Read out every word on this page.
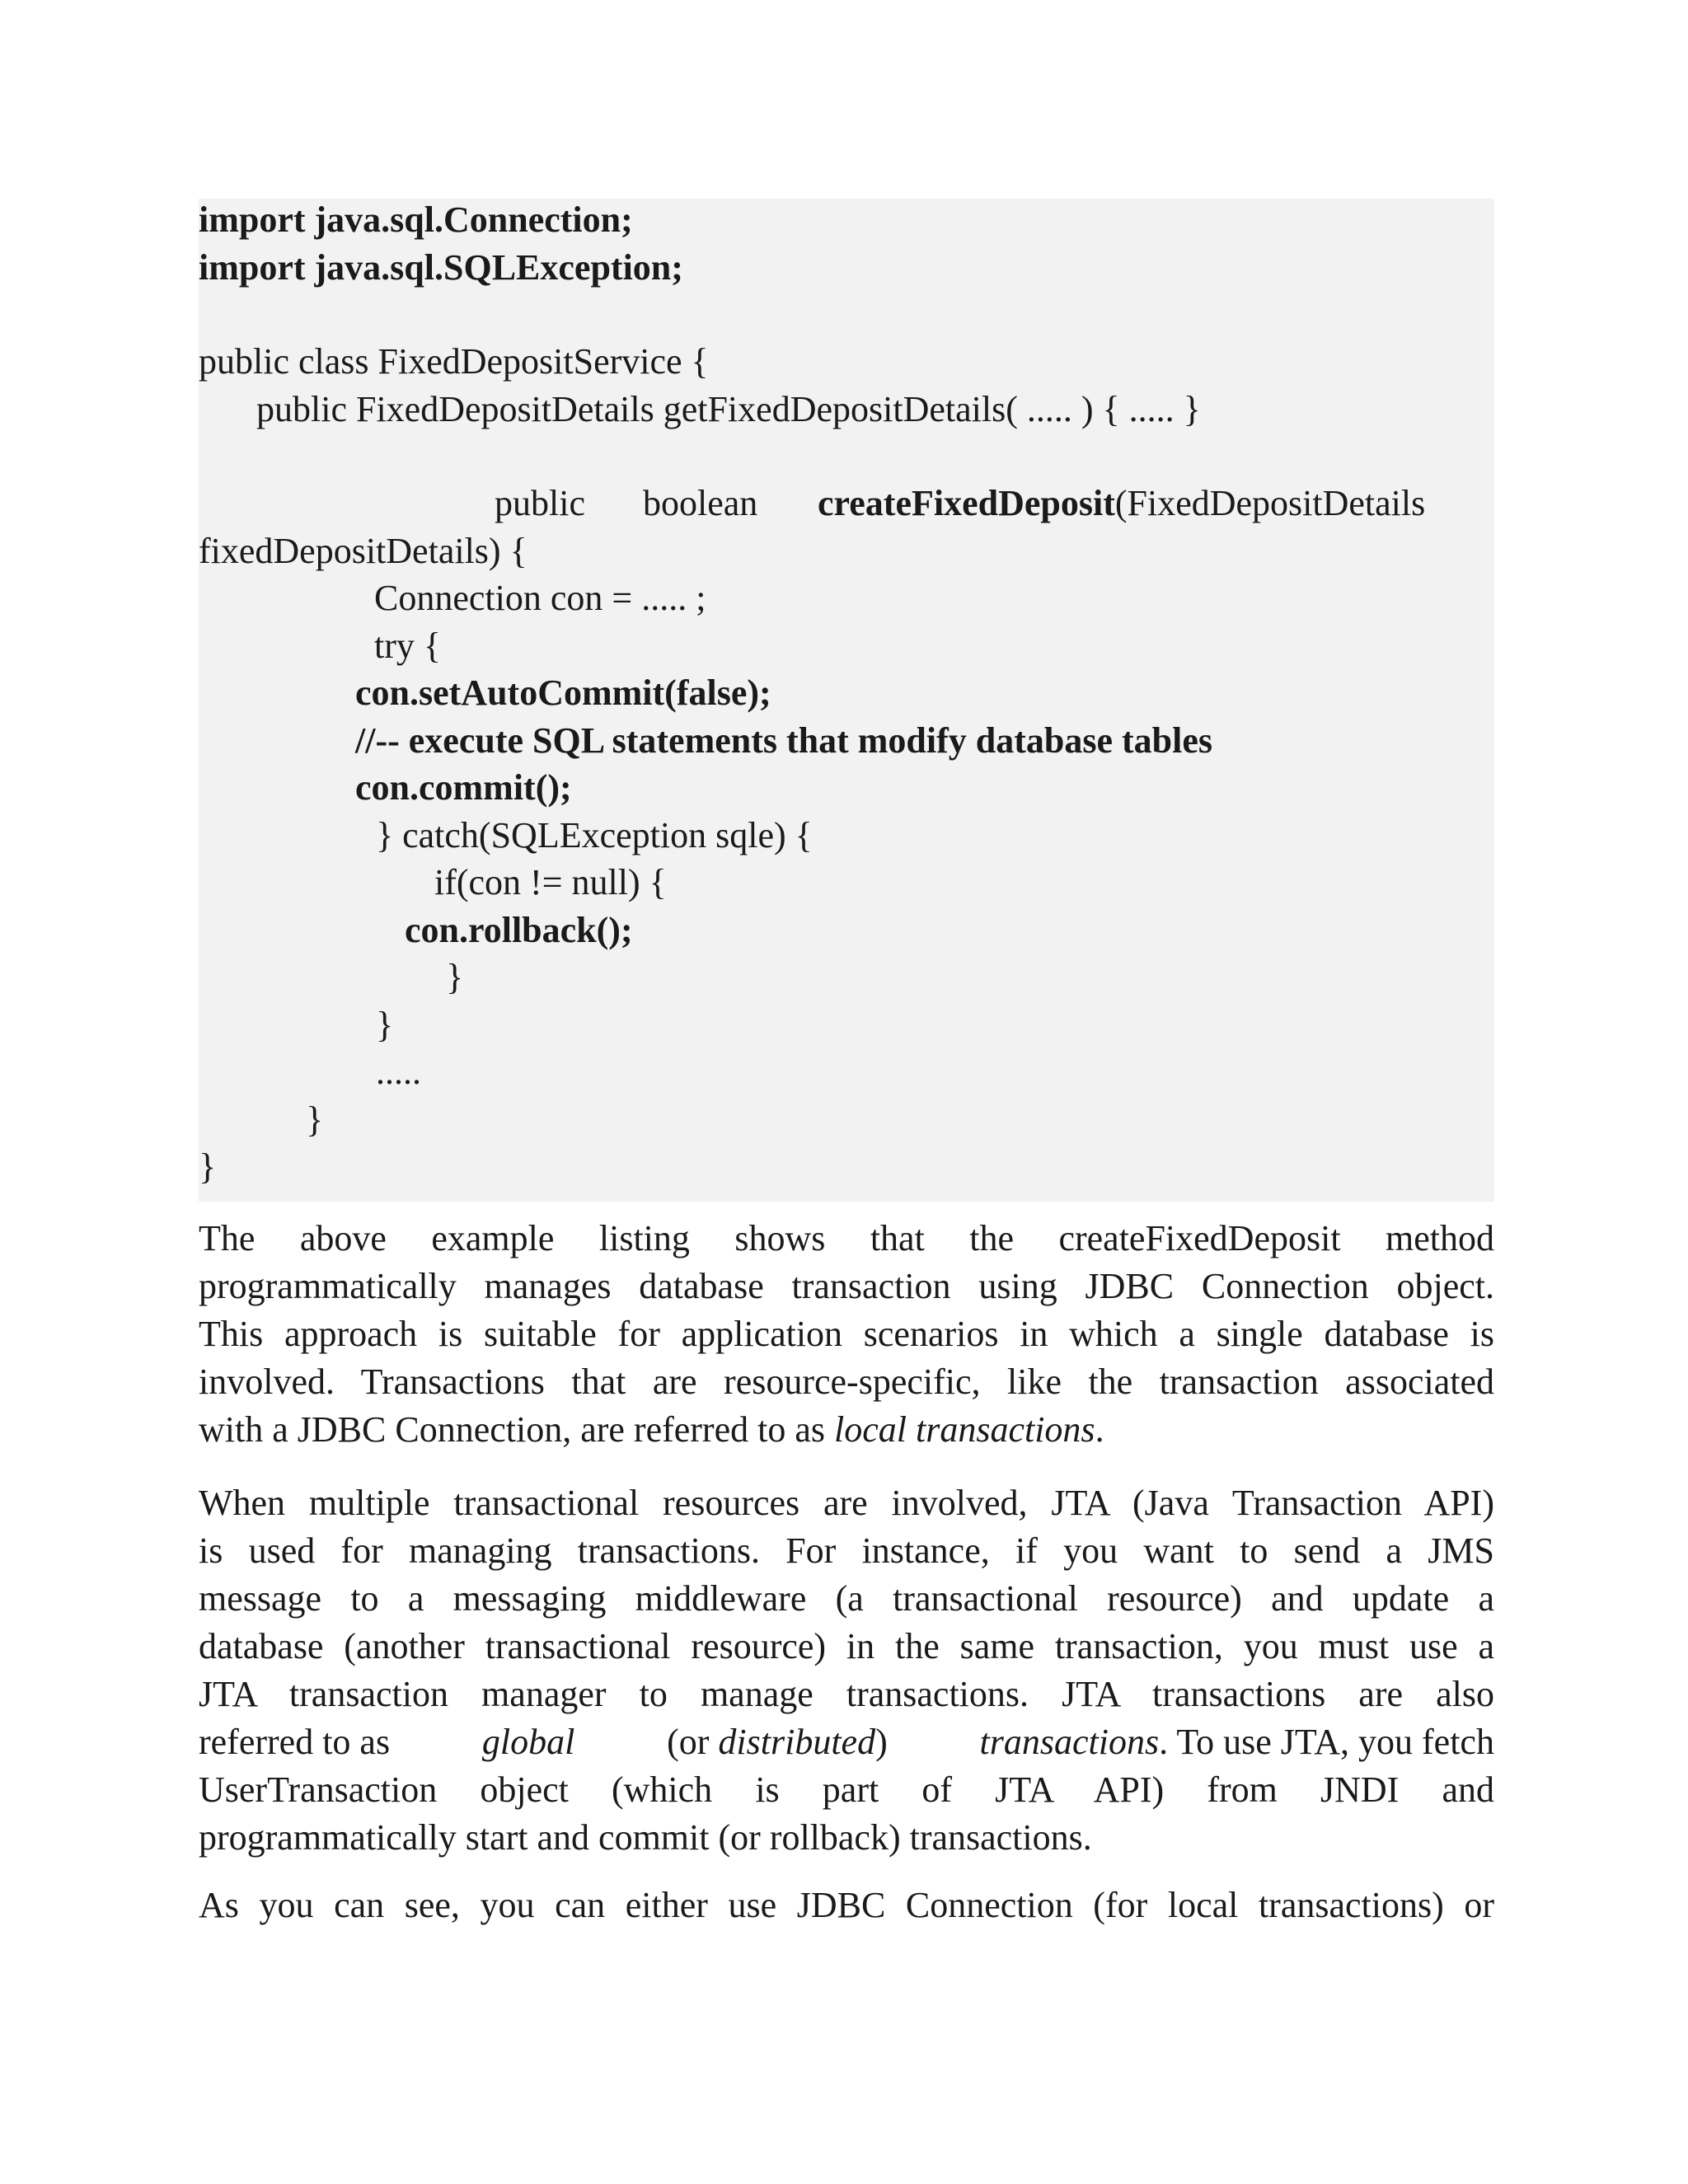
import java.sql.Connection;
import java.sql.SQLException;
public class FixedDepositService {
public FixedDepositDetails getFixedDepositDetails( ..... ) { ..... }
public boolean createFixedDeposit(FixedDepositDetails
fixedDepositDetails) {
Connection con = ..... ;
try {
con.setAutoCommit(false);
//-- execute SQL statements that modify database tables
con.commit();
} catch(SQLException sqle) {
if(con != null) {
con.rollback();
}
}
.....
}
}
The above example listing shows that the createFixedDeposit method
programmatically manages database transaction using JDBC Connection object.
This approach is suitable for application scenarios in which a single database is
involved. Transactions that are resource-specific, like the transaction associated
with a JDBC Connection, are referred to as local transactions.
When multiple transactional resources are involved, JTA (Java Transaction API)
is used for managing transactions. For instance, if you want to send a JMS
message to a messaging middleware (a transactional resource) and update a
database (another transactional resource) in the same transaction, you must use a
JTA transaction manager to manage transactions. JTA transactions are also
referred to as	global	(or distributed)	transactions. To use JTA, you fetch
UserTransaction object (which is part of JTA API) from JNDI and
programmatically start and commit (or rollback) transactions.
As you can see, you can either use JDBC Connection (for local transactions) or
